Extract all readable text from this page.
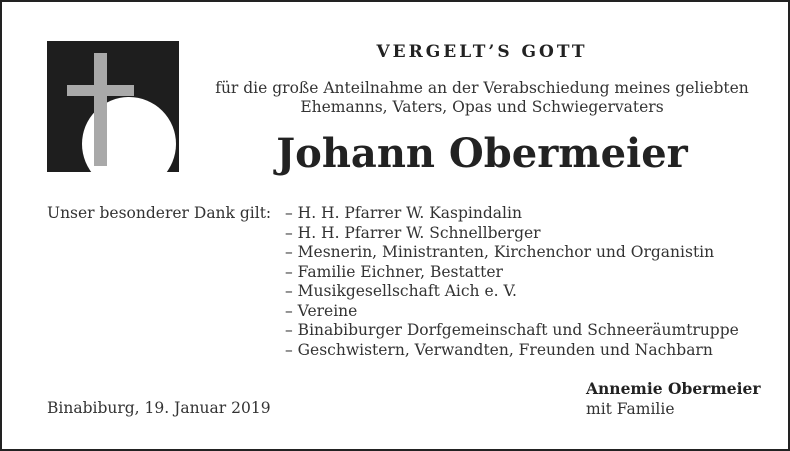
VERGELT’S GOTT
für die große Anteilnahme an der Verabschiedung meines geliebten
Ehemanns, Vaters, Opas und Schwiegervaters
Johann Obermeier
Unser besonderer Dank gilt: – H. H. Pfarrer W. Kaspindalin
– H. H. Pfarrer W. Schnellberger
– Mesnerin, Ministranten, Kirchenchor und Organistin
– Familie Eichner, Bestatter
– Musikgesellschaft Aich e. V.
– Vereine
– Binabiburger Dorfgemeinschaft und Schneeräumtruppe
– Geschwistern, Verwandten, Freunden und Nachbarn
Binabiburg, 19. Januar 2019
Annemie Obermeier
mit Familie
